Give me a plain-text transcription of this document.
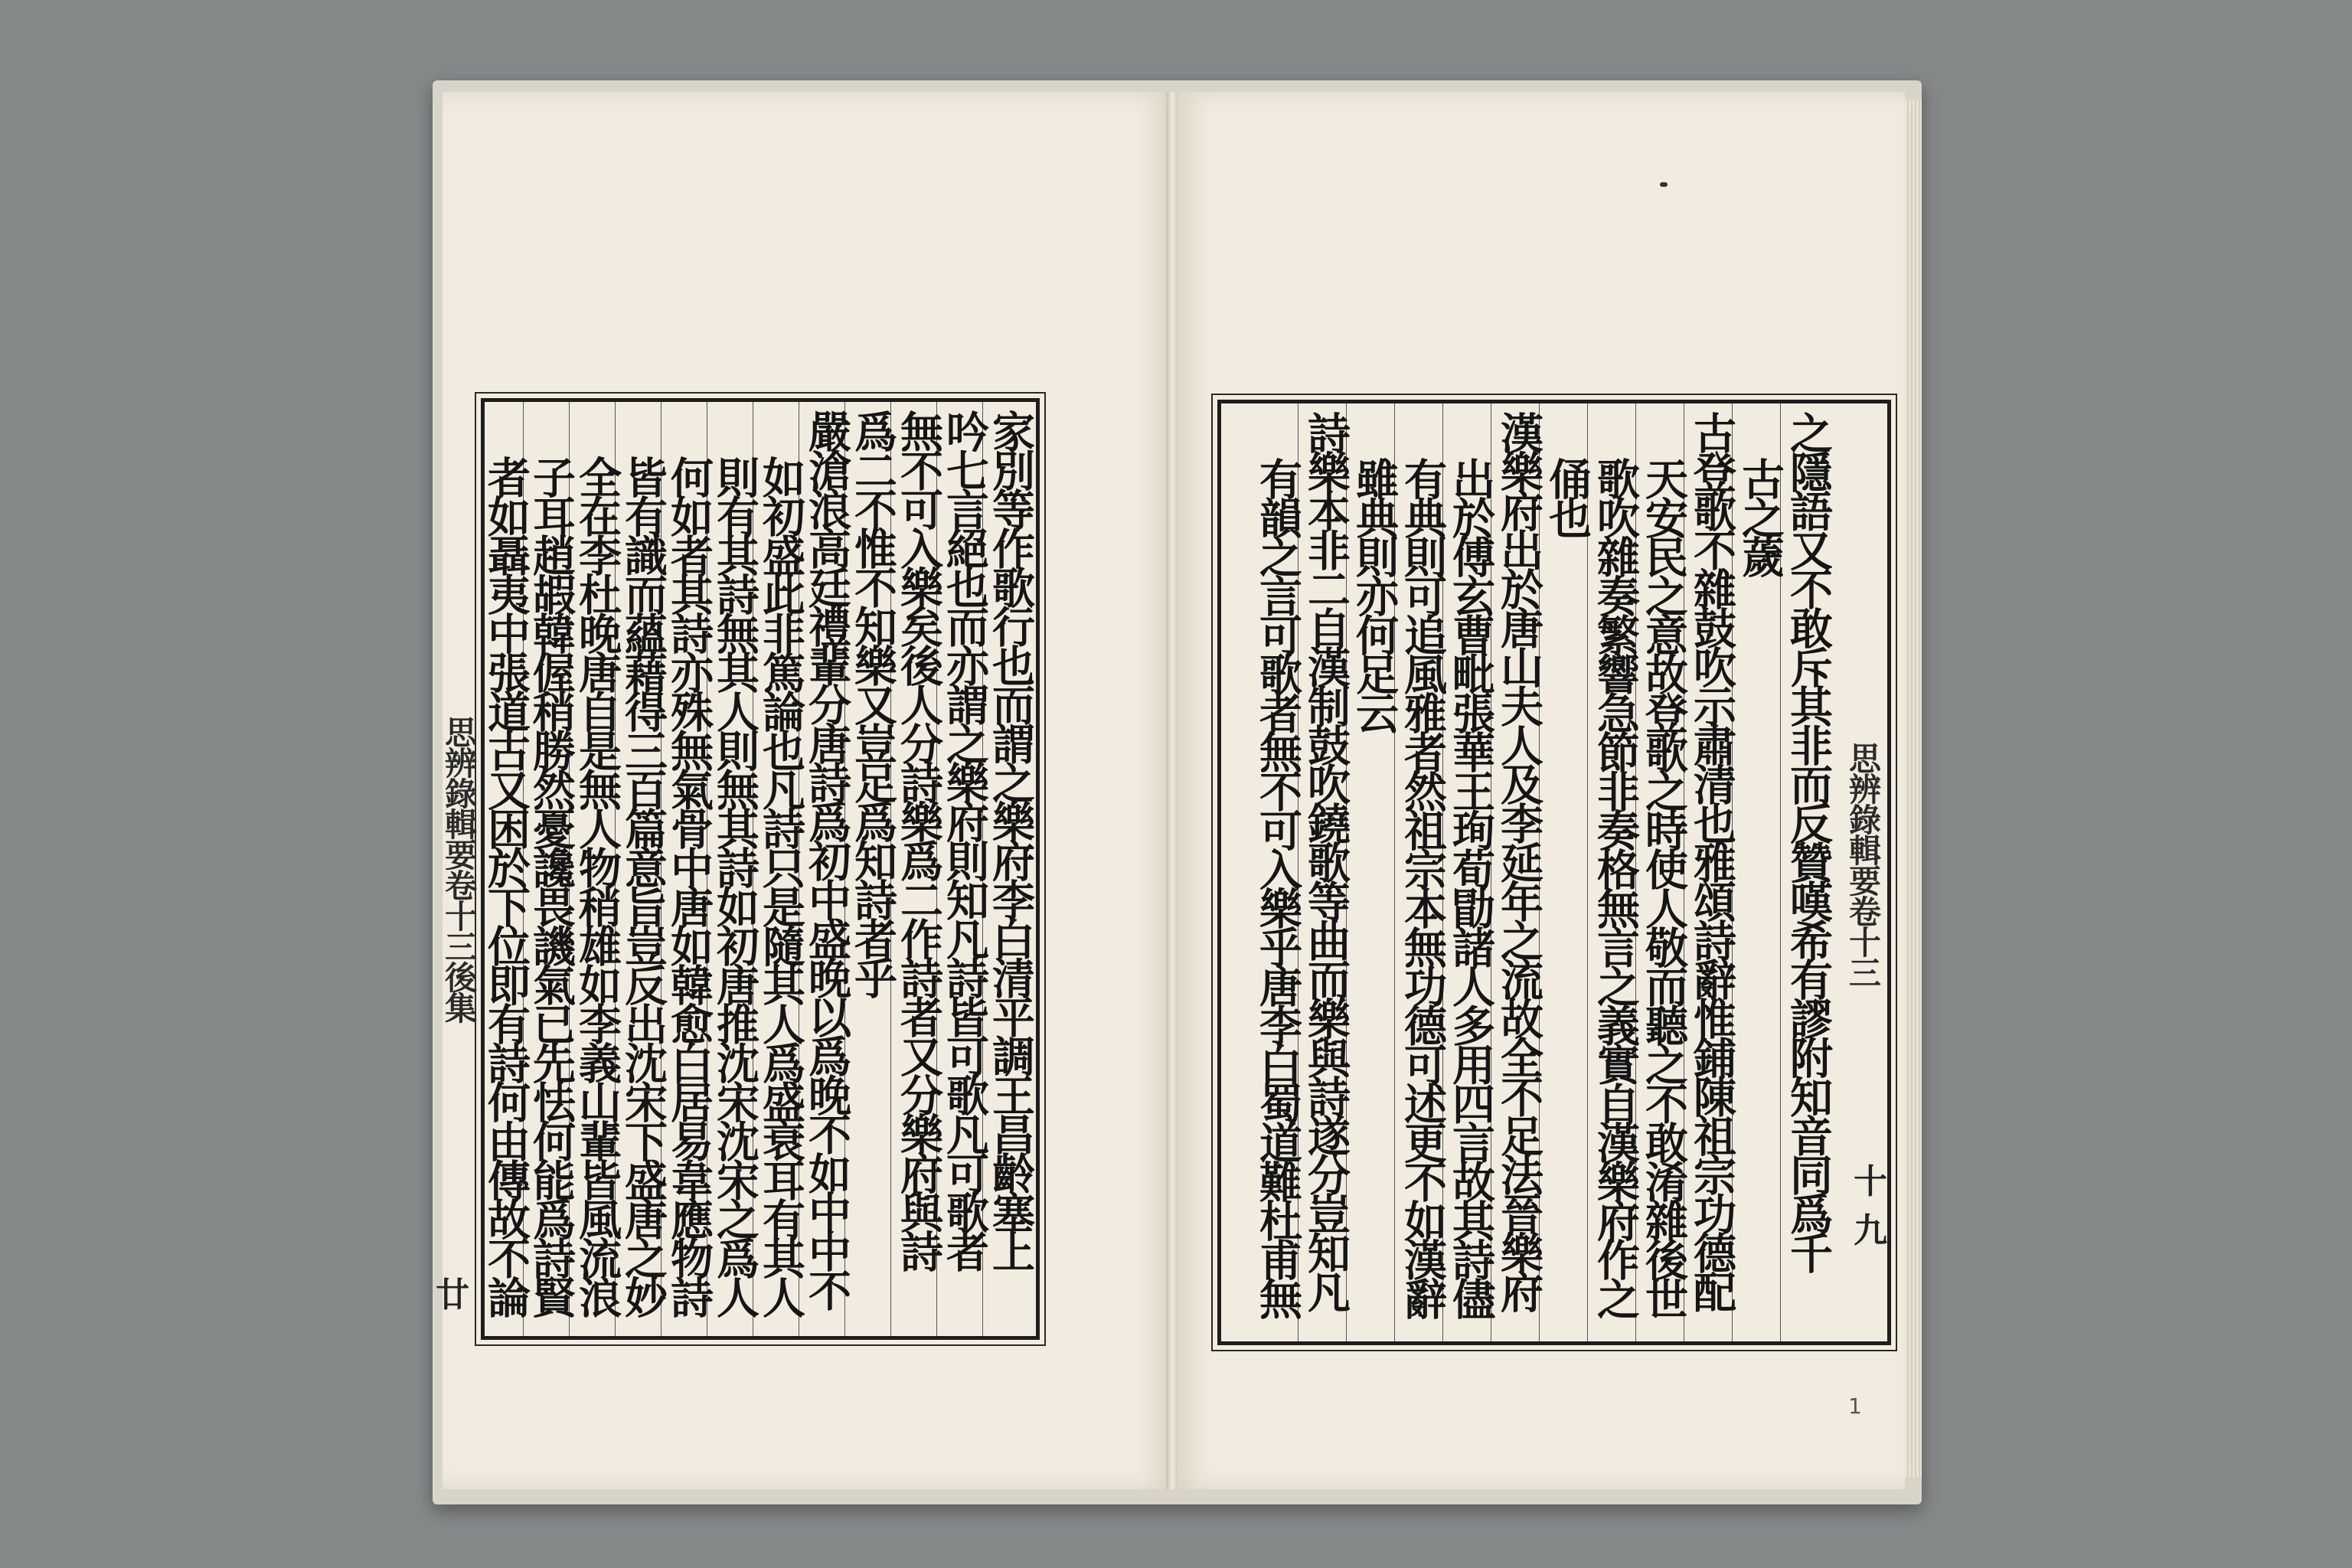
1
思辨錄輯要卷十三後集
廿
家別等作歌行也而謂之樂府李白清平調王昌齡塞上
吟七言絕也而亦謂之樂府則知凡詩皆可歌凡可歌者
無不可入樂矣後人分詩樂爲二作詩者又分樂府與詩
爲二不惟不知樂又豈足爲知詩者乎
嚴滄浪高廷禮輩分唐詩爲初中盛晚以爲晚不如中中不
如初盛此非篤論也凡詩只是隨其人爲盛衰耳有其人
則有其詩無其人則無其詩如初唐推沈宋沈宋之爲人
何如者其詩亦殊無氣骨中唐如韓愈白居易韋應物詩
皆有識而蘊藉得三百篇意旨豈反出沈宋下盛唐之妙
全在李杜晚唐自是無人物稍雄如李義山輩皆風流浪
子耳趙嘏韓偓稍勝然憂讒畏譏氣已先怯何能爲詩賢
者如聶夷中張道古又困於下位即有詩何由傳故不論	思辨錄輯要卷十三
十九
之隱語又不敢斥其非而反贊嘆希有謬附知音同爲千
古之薉
古登歌不雜鼓吹示肅清也雅頌詩辭惟鋪陳祖宗功德配
天安民之意故登歌之時使人敬而聽之不敢淆雜後世
歌吹雜奏繁響急節非奏格無言之義實自漢樂府作之
俑也
漢樂府出於唐山夫人及李延年之流故全不足法晉樂府
出於傅玄曹毗張華王珣荀勖諸人多用四言故其詩儘
有典則可追風雅者然祖宗本無功德可述更不如漢辭
雖典則亦何足云
詩樂本非二自漢制鼓吹鐃歌等曲而樂與詩遂分豈知凡
有韻之言可歌者無不可入樂乎唐李白蜀道難杜甫無
